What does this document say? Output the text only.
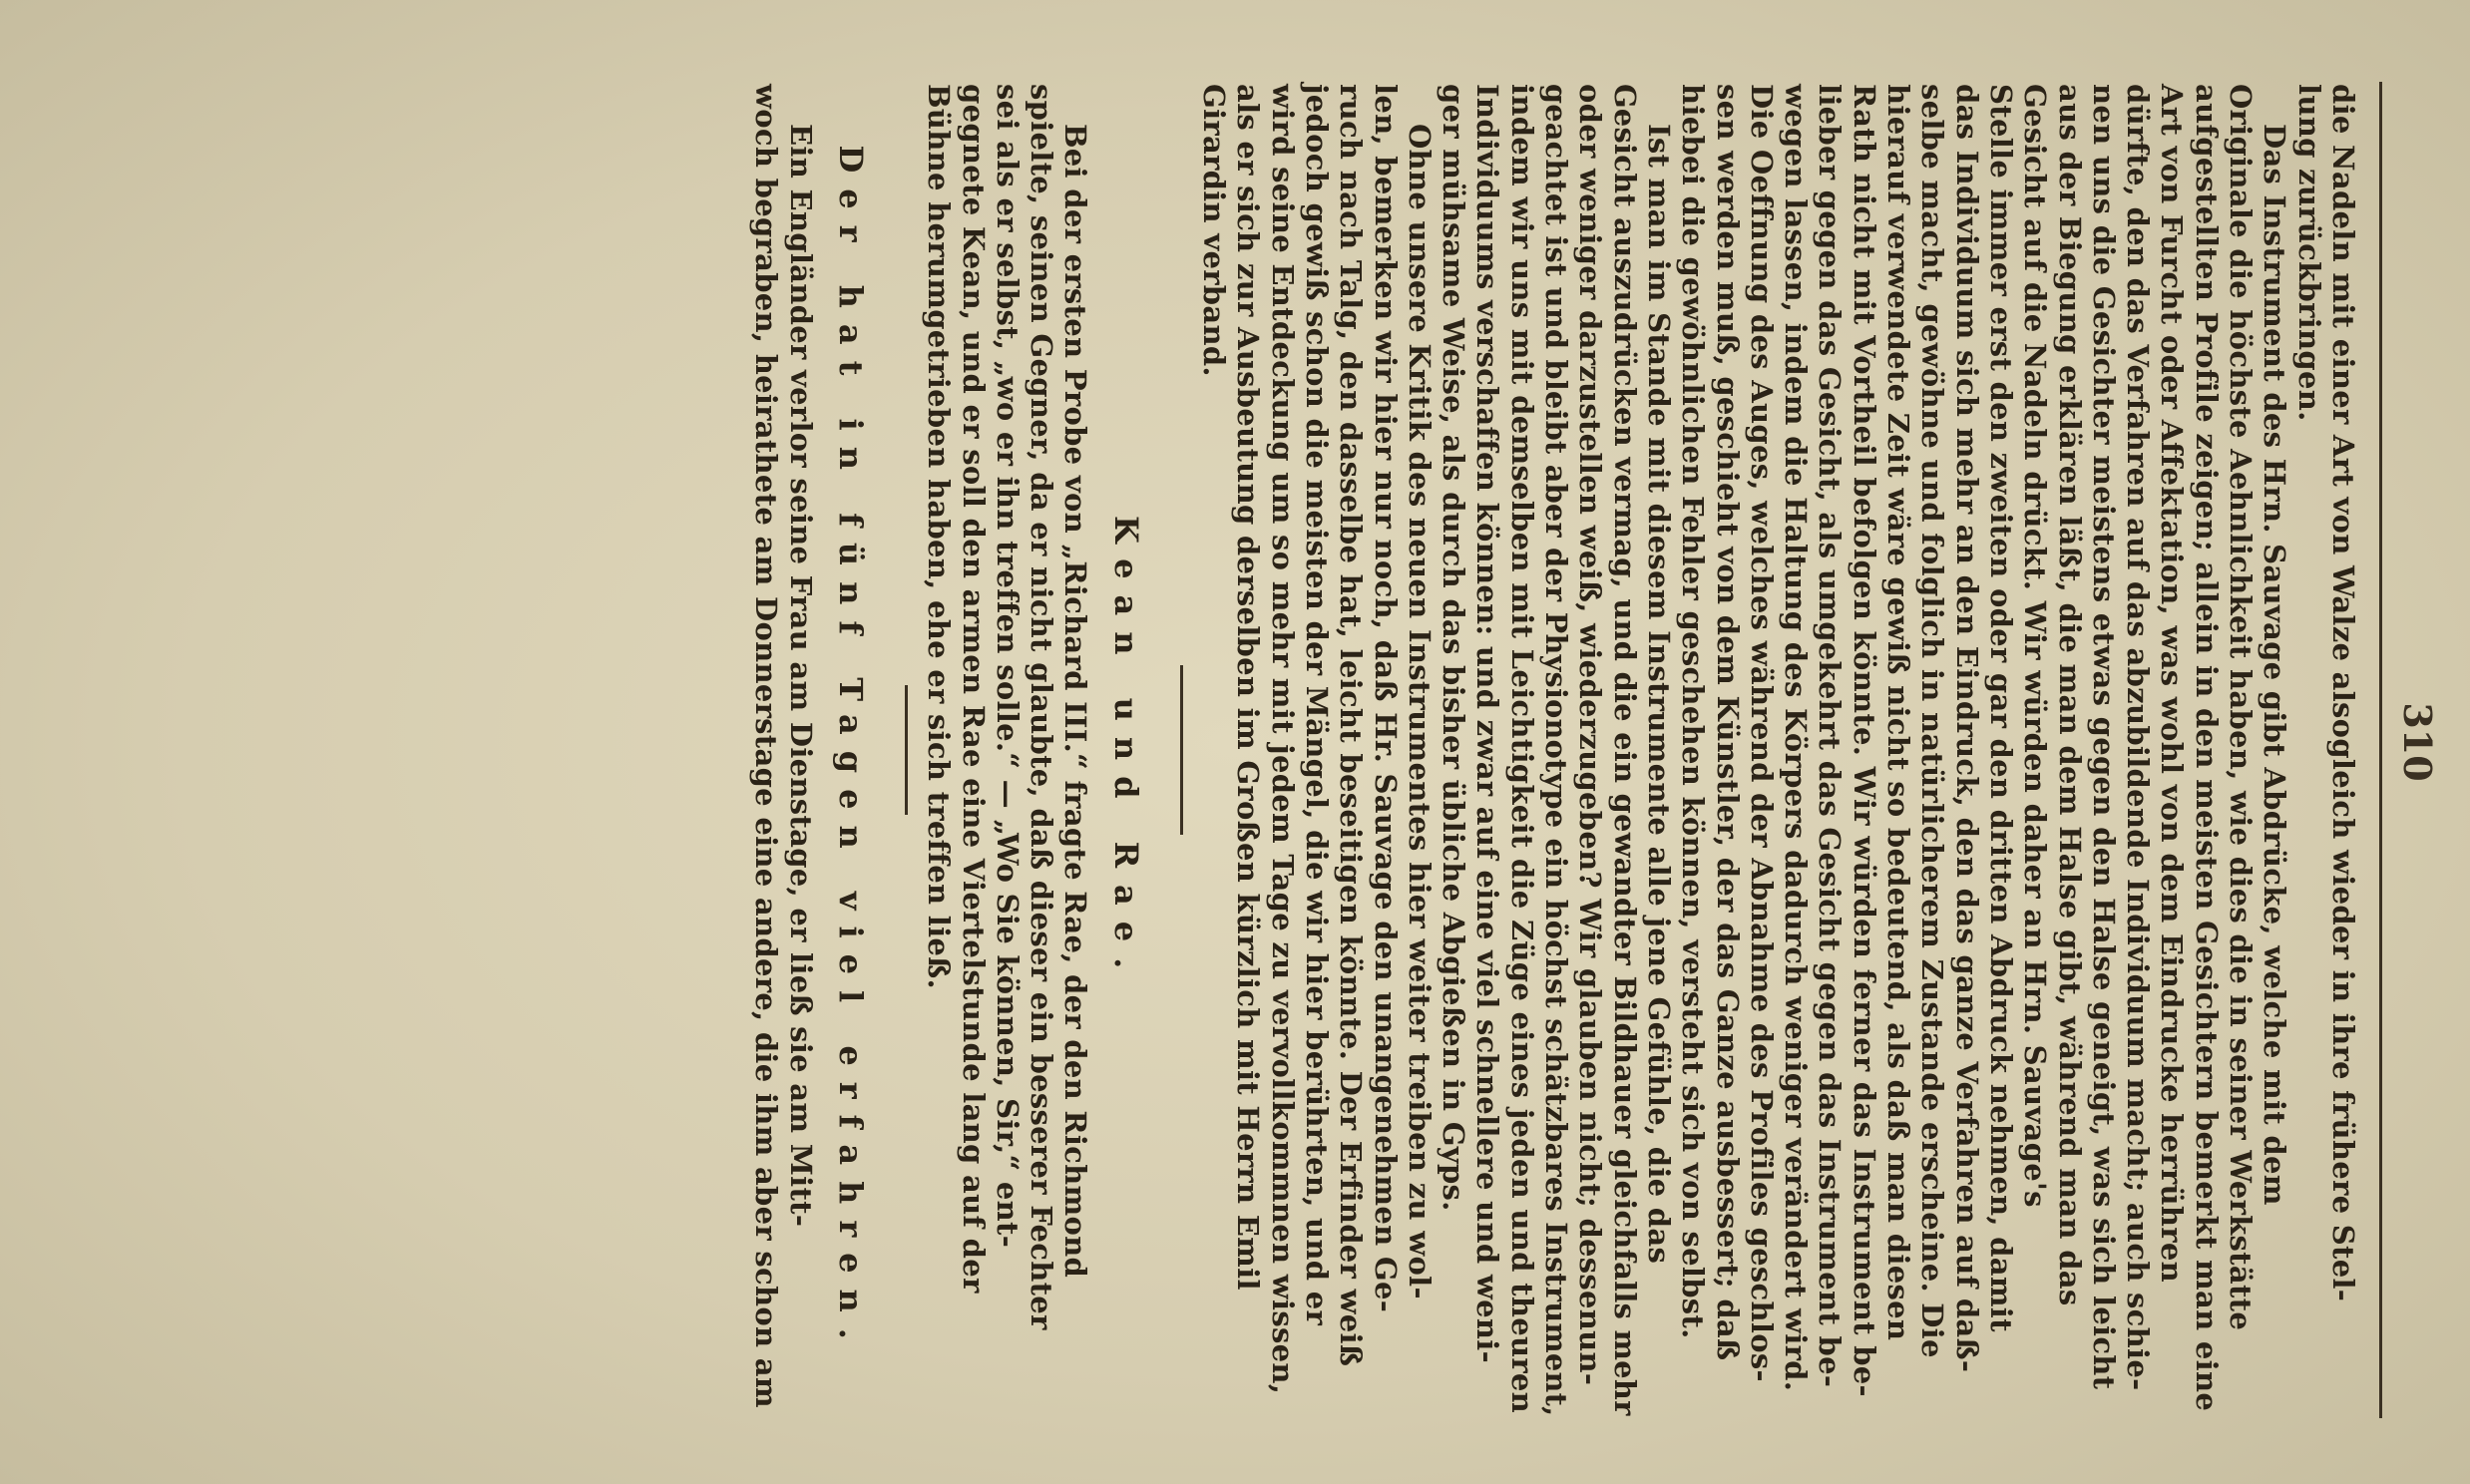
310
die Nadeln mit einer Art von Walze alsogleich wieder in ihre frühere Stel-
lung zurückbringen.
Das Instrument des Hrn. Sauvage gibt Abdrücke, welche mit dem
Originale die höchste Aehnlichkeit haben, wie dies die in seiner Werkstätte
aufgestellten Profile zeigen; allein in den meisten Gesichtern bemerkt man eine
Art von Furcht oder Affektation, was wohl von dem Eindrucke herrühren
dürfte, den das Verfahren auf das abzubildende Individuum macht; auch schie-
nen uns die Gesichter meistens etwas gegen den Halse geneigt, was sich leicht
aus der Biegung erklären läßt, die man dem Halse gibt, während man das
Gesicht auf die Nadeln drückt. Wir würden daher an Hrn. Sauvage's
Stelle immer erst den zweiten oder gar den dritten Abdruck nehmen, damit
das Individuum sich mehr an den Eindruck, den das ganze Verfahren auf daß-
selbe macht, gewöhne und folglich in natürlicherem Zustande erscheine. Die
hierauf verwendete Zeit wäre gewiß nicht so bedeutend, als daß man diesen
Rath nicht mit Vortheil befolgen könnte. Wir würden ferner das Instrument be-
lieber gegen das Gesicht, als umgekehrt das Gesicht gegen das Instrument be-
wegen lassen, indem die Haltung des Körpers dadurch weniger verändert wird.
Die Oeffnung des Auges, welches während der Abnahme des Profiles geschlos-
sen werden muß, geschieht von dem Künstler, der das Ganze ausbessert; daß
hiebei die gewöhnlichen Fehler geschehen können, versteht sich von selbst.
Ist man im Stande mit diesem Instrumente alle jene Gefühle, die das
Gesicht auszudrücken vermag, und die ein gewandter Bildhauer gleichfalls mehr
oder weniger darzustellen weiß, wiederzugeben? Wir glauben nicht; dessenun-
geachtet ist und bleibt aber der Physionotype ein höchst schätzbares Instrument,
indem wir uns mit demselben mit Leichtigkeit die Züge eines jeden und theuren
Individuums verschaffen können: und zwar auf eine viel schnellere und weni-
ger mühsame Weise, als durch das bisher übliche Abgießen in Gyps.
Ohne unsere Kritik des neuen Instrumentes hier weiter treiben zu wol-
len, bemerken wir hier nur noch, daß Hr. Sauvage den unangenehmen Ge-
ruch nach Talg, den dasselbe hat, leicht beseitigen könnte. Der Erfinder weiß
jedoch gewiß schon die meisten der Mängel, die wir hier berührten, und er
wird seine Entdeckung um so mehr mit jedem Tage zu vervollkommnen wissen,
als er sich zur Ausbeutung derselben im Großen kürzlich mit Herrn Emil
Girardin verband.
Kean und Rae.
Bei der ersten Probe von „Richard III.“ fragte Rae, der den Richmond
spielte, seinen Gegner, da er nicht glaubte, daß dieser ein besserer Fechter
sei als er selbst, „wo er ihn treffen solle.“ — „Wo Sie können, Sir,“ ent-
gegnete Kean, und er soll den armen Rae eine Viertelstunde lang auf der
Bühne herumgetrieben haben, ehe er sich treffen ließ.
Der hat in fünf Tagen viel erfahren.
Ein Engländer verlor seine Frau am Dienstage, er ließ sie am Mitt-
woch begraben, heirathete am Donnerstage eine andere, die ihm aber schon am
